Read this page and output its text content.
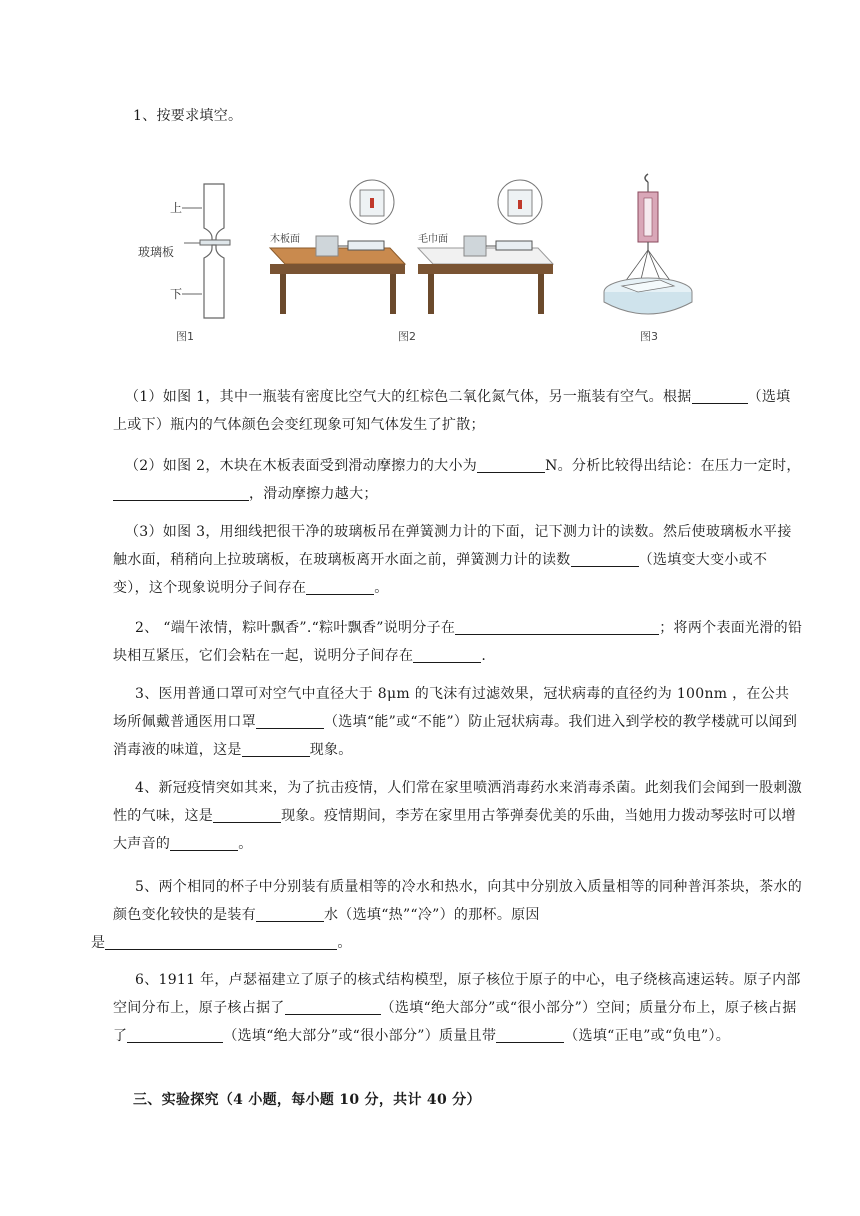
1、按要求填空。
上
玻璃板
下
图1
木板面	毛巾面
图2	图3
（1）如图 1，其中一瓶装有密度比空气大的红棕色二氧化氮气体，另一瓶装有空气。根据	（选填上或下）瓶内的气体颜色会变红现象可知气体发生了扩散；
（2）如图 2，木块在木板表面受到滑动摩擦力的大小为	N。分析比较得出结论：在压力一定时，，滑动摩擦力越大；
（3）如图 3，用细线把很干净的玻璃板吊在弹簧测力计的下面，记下测力计的读数。然后使玻璃板水平接触水面，稍稍向上拉玻璃板，在玻璃板离开水面之前，弹簧测力计的读数	（选填变大变小或不变），这个现象说明分子间存在	。
2、 “端午浓情，粽叶飘香”.“粽叶飘香”说明分子在	；将两个表面光滑的铅块相互紧压，它们会粘在一起，说明分子间存在	.
3、医用普通口罩可对空气中直径大于 8μm 的飞沫有过滤效果，冠状病毒的直径约为 100nm ，在公共场所佩戴普通医用口罩	（选填“能”或“不能”）防止冠状病毒。我们进入到学校的教学楼就可以闻到消毒液的味道，这是	现象。
4、新冠疫情突如其来，为了抗击疫情，人们常在家里喷洒消毒药水来消毒杀菌。此刻我们会闻到一股刺激性的气味，这是	现象。疫情期间，李芳在家里用古筝弹奏优美的乐曲，当她用力拨动琴弦时可以增大声音的	。
5、两个相同的杯子中分别装有质量相等的冷水和热水，向其中分别放入质量相等的同种普洱茶块，茶水的颜色变化较快的是装有	水（选填“热”“冷”）的那杯。原因
是	。
6、1911 年，卢瑟福建立了原子的核式结构模型，原子核位于原子的中心，电子绕核高速运转。原子内部空间分布上，原子核占据了	（选填“绝大部分”或“很小部分”）空间；质量分布上，原子核占据了	（选填“绝大部分”或“很小部分”）质量且带	（选填“正电”或“负电”）。
三、实验探究（4 小题，每小题 10 分，共计 40 分）
